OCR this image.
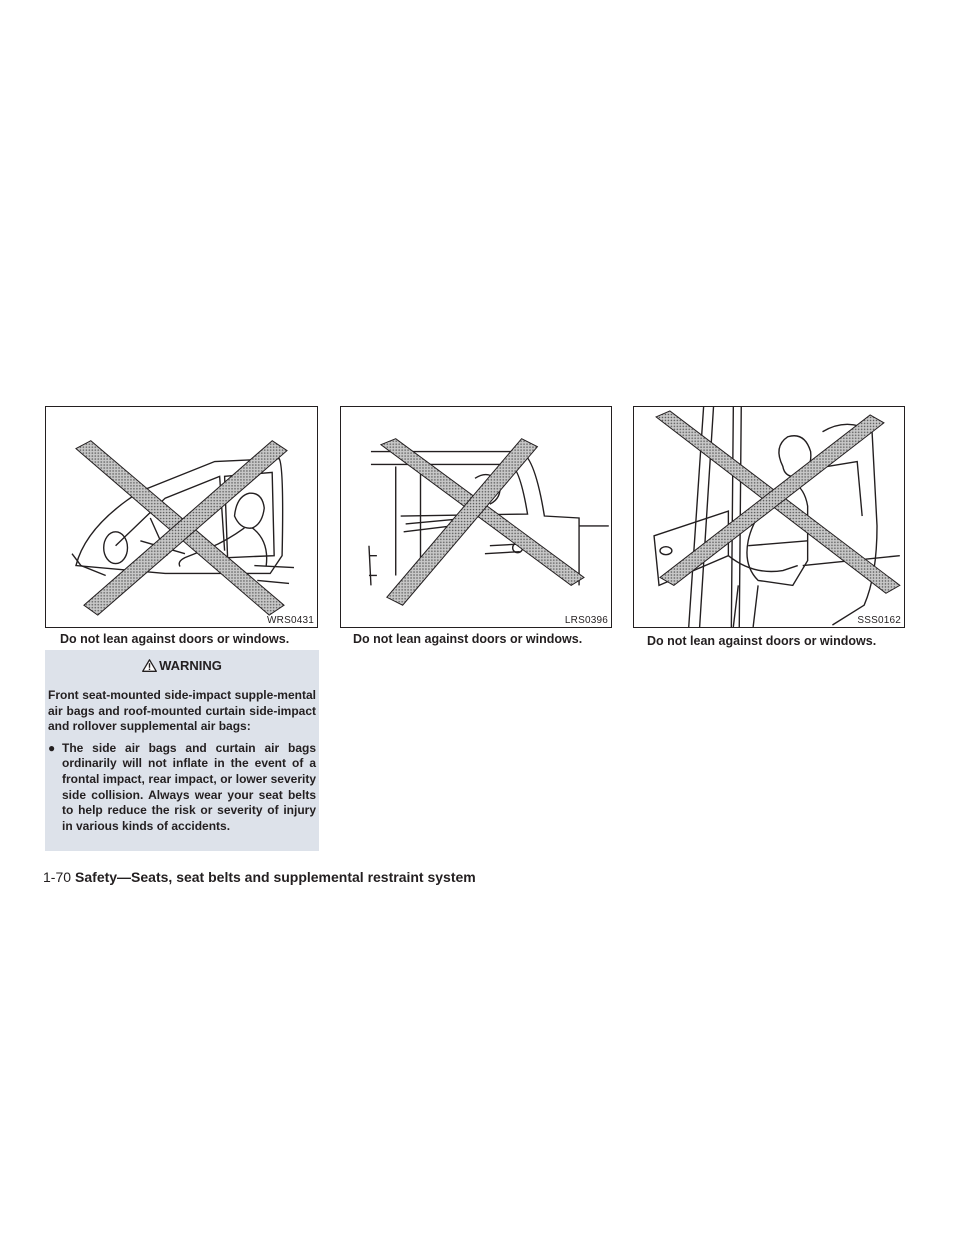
WRS0431
Do not lean against doors or windows.
LRS0396
Do not lean against doors or windows.
SSS0162
Do not lean against doors or windows.
WARNING

Front seat-mounted side-impact supple-mental air bags and roof-mounted curtain side-impact and rollover supplemental air bags:

● The side air bags and curtain air bags ordinarily will not inflate in the event of a frontal impact, rear impact, or lower severity side collision. Always wear your seat belts to help reduce the risk or severity of injury in various kinds of accidents.
1-70 Safety—Seats, seat belts and supplemental restraint system
